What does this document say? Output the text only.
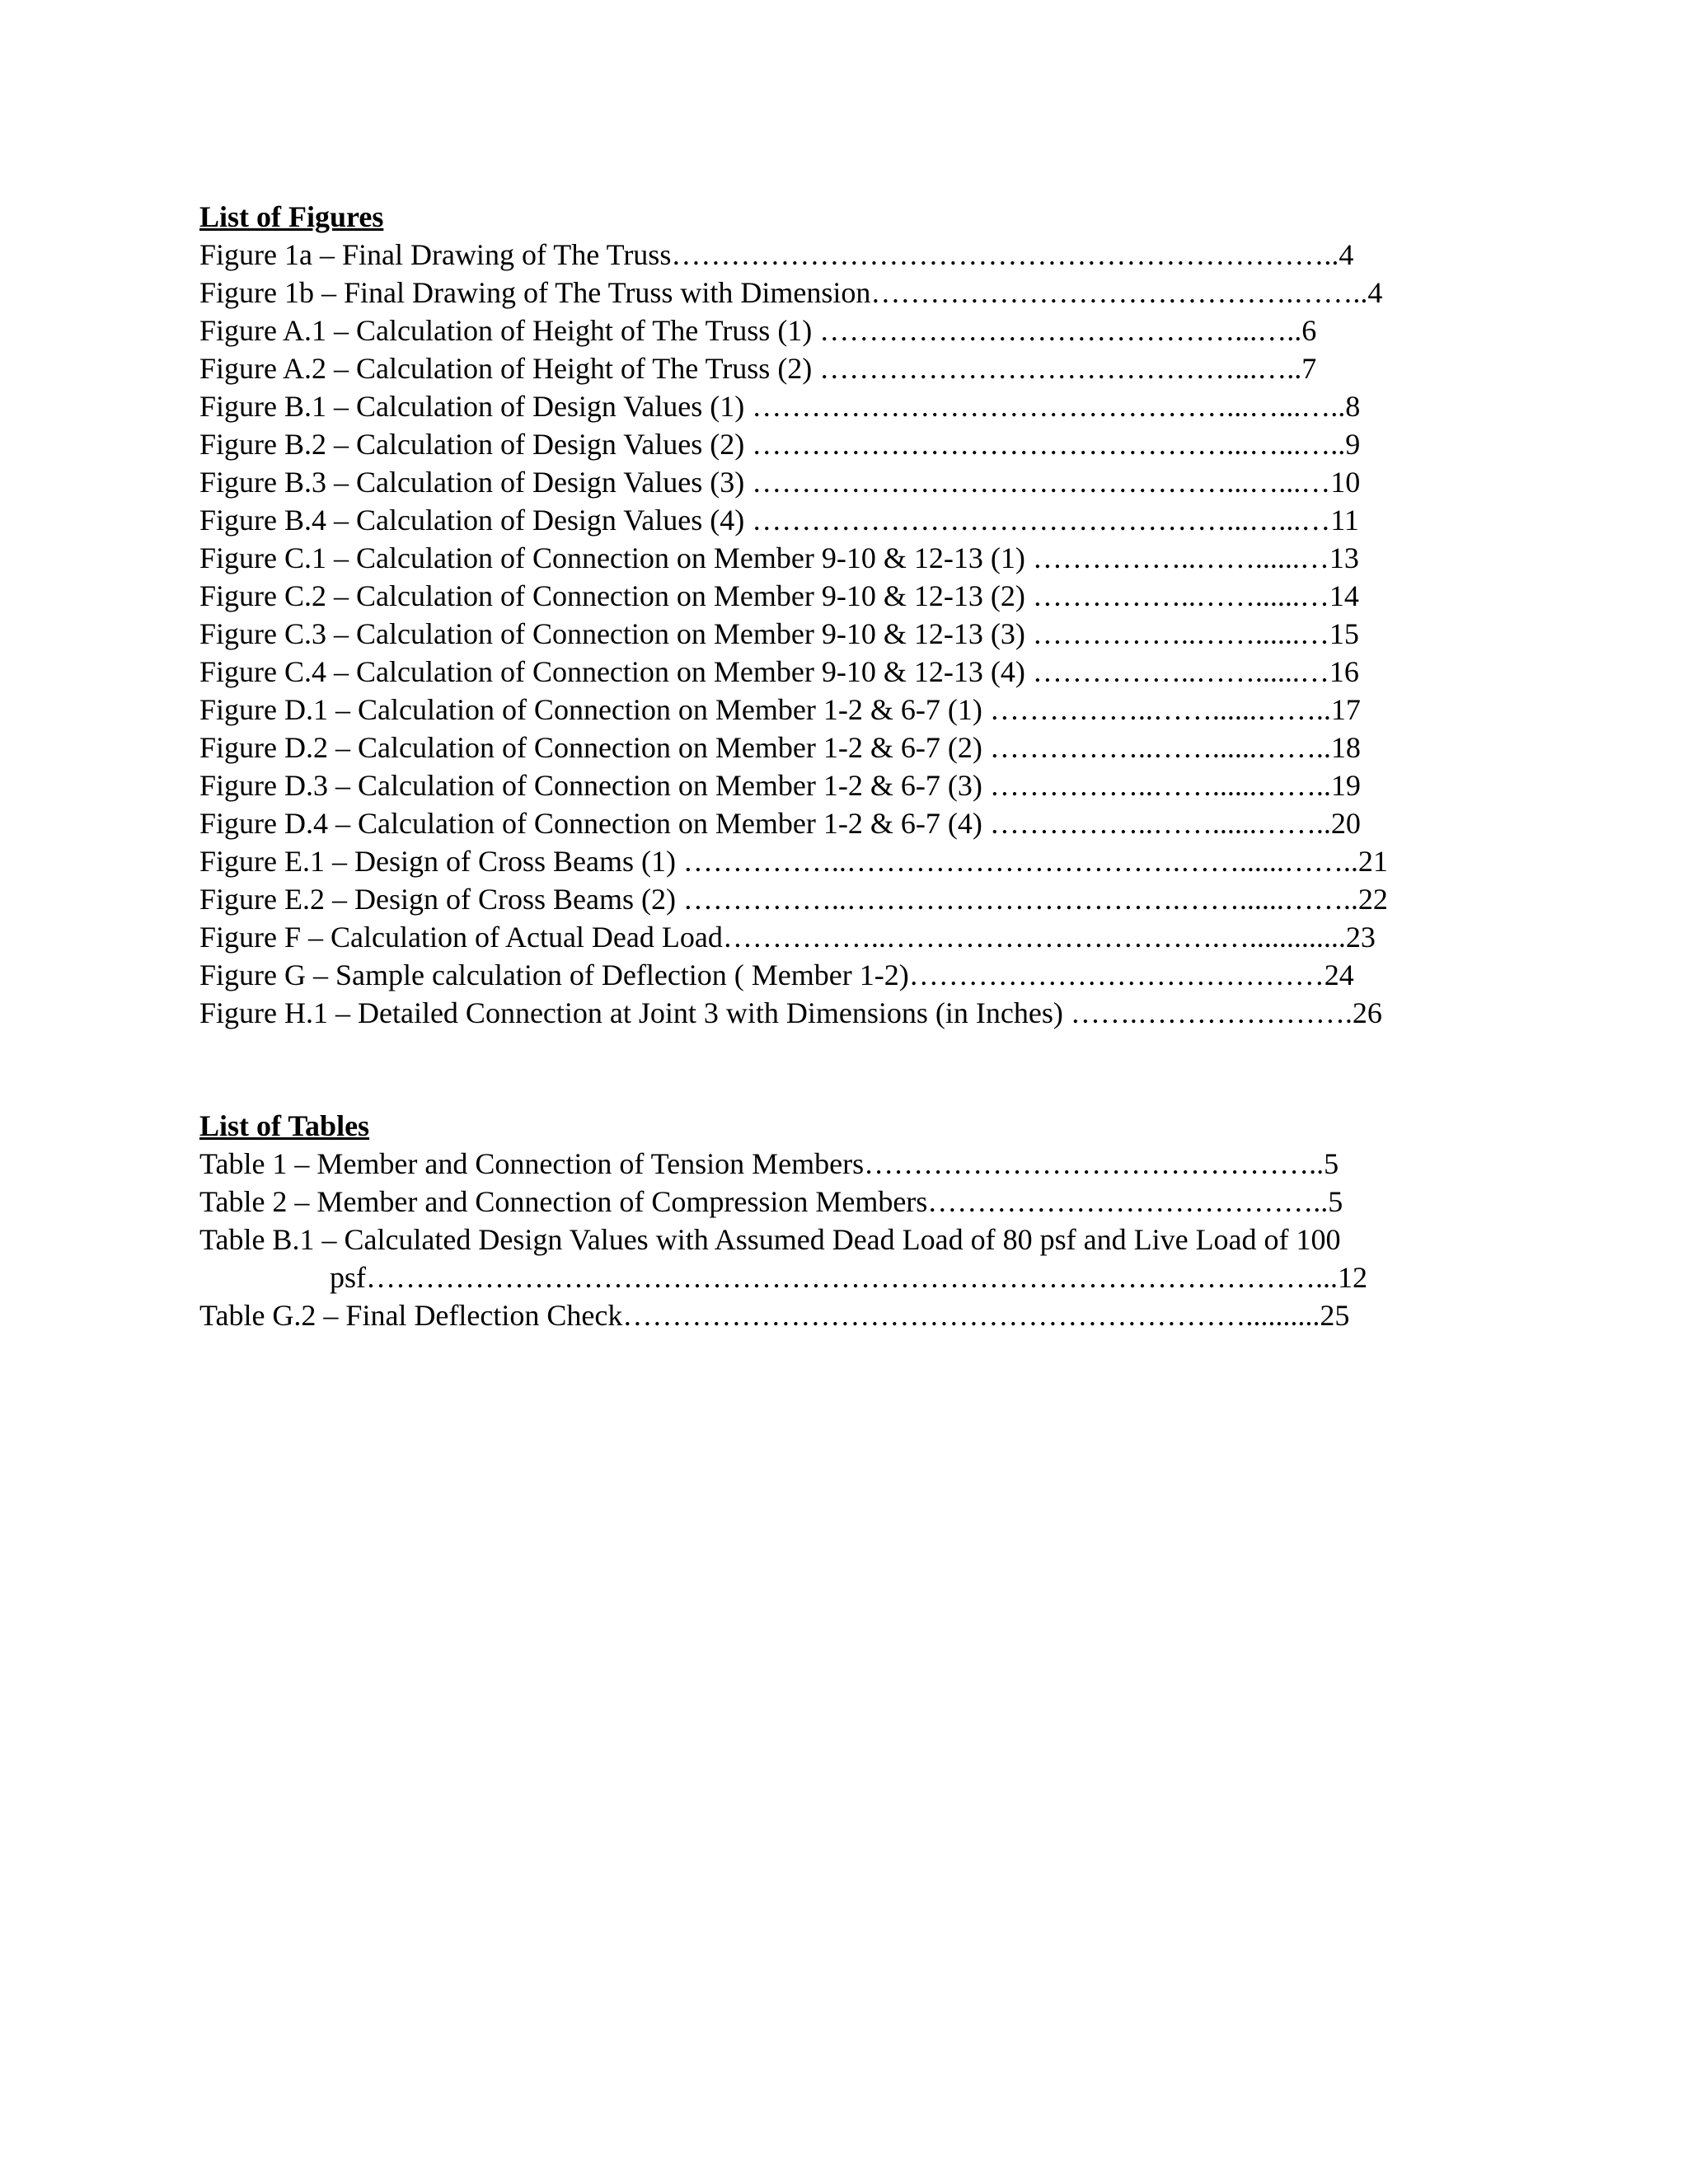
List of Figures
Figure 1a – Final Drawing of The Truss…………………………………………………………..4
Figure 1b – Final Drawing of The Truss with Dimension…………………………………….……..4
Figure A.1 – Calculation of Height of The Truss (1) ……………………………………...…..6
Figure A.2 – Calculation of Height of The Truss (2) ……………………………………...…..7
Figure B.1 – Calculation of Design Values (1) …………………………………………...…...…..8
Figure B.2 – Calculation of Design Values (2) …………………………………………...…...…..9
Figure B.3 – Calculation of Design Values (3) …………………………………………...…...…10
Figure B.4 – Calculation of Design Values (4) …………………………………………...…...…11
Figure C.1 – Calculation of Connection on Member 9-10 & 12-13 (1) ……………..……......…13
Figure C.2 – Calculation of Connection on Member 9-10 & 12-13 (2) ……………..……......…14
Figure C.3 – Calculation of Connection on Member 9-10 & 12-13 (3) ……………..……......…15
Figure C.4 – Calculation of Connection on Member 9-10 & 12-13 (4) ……………..……......…16
Figure D.1 – Calculation of Connection on Member 1-2 & 6-7 (1) ……………..……......……..17
Figure D.2 – Calculation of Connection on Member 1-2 & 6-7 (2) ……………..……......……..18
Figure D.3 – Calculation of Connection on Member 1-2 & 6-7 (3) ……………..……......……..19
Figure D.4 – Calculation of Connection on Member 1-2 & 6-7 (4) ……………..……......……..20
Figure E.1 – Design of Cross Beams (1) ……………..…………………………….……......……..21
Figure E.2 – Design of Cross Beams (2) ……………..…………………………….……......……..22
Figure F – Calculation of Actual Dead Load……………..…………………………….….............23
Figure G – Sample calculation of Deflection ( Member 1-2)……………………………………24
Figure H.1 – Detailed Connection at Joint 3 with Dimensions (in Inches) …….………………….26
List of Tables
Table 1 – Member and Connection of Tension Members………………………………………..5
Table 2 – Member and Connection of Compression Members…………………………………..5
Table B.1 – Calculated Design Values with Assumed Dead Load of 80 psf and Live Load of 100
psf……………………………………………………………………………………...12
Table G.2 – Final Deflection Check………………………………………………………..........25
